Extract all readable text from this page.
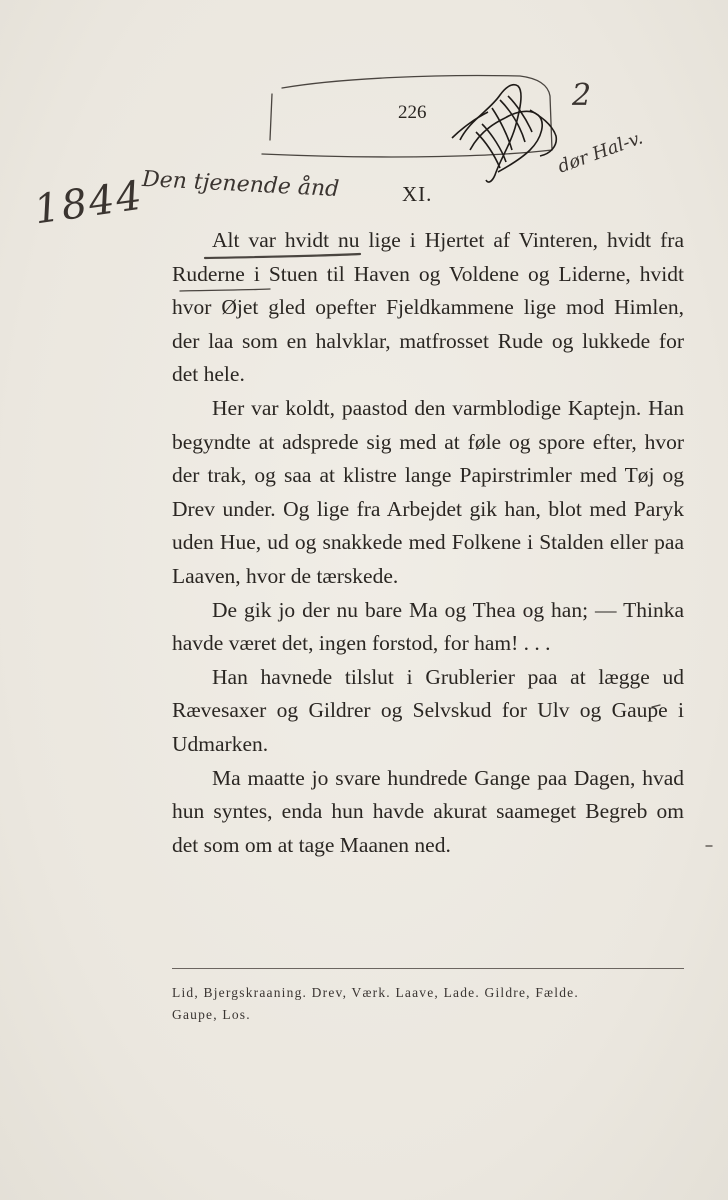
226
XI.
1844
Den tjenende ånd
2
dør Hal-v.

Alt var hvidt nu lige i Hjertet af Vinteren, hvidt fra Ruderne i Stuen til Haven og Voldene og Liderne, hvidt hvor Øjet gled opefter Fjeldkammene lige mod Himlen, der laa som en halvklar, matfrosset Rude og lukkede for det hele.

Her var koldt, paastod den varmblodige Kaptejn. Han begyndte at adsprede sig med at føle og spore efter, hvor der trak, og saa at klistre lange Papirstrimler med Tøj og Drev under. Og lige fra Arbejdet gik han, blot med Paryk uden Hue, ud og snakkede med Folkene i Stalden eller paa Laaven, hvor de tærskede.

De gik jo der nu bare Ma og Thea og han; — Thinka havde været det, ingen forstod, for ham! . . .

Han havnede tilslut i Grublerier paa at lægge ud Rævesaxer og Gildrer og Selvskud for Ulv og Gaupe i Udmarken.

Ma maatte jo svare hundrede Gange paa Dagen, hvad hun syntes, enda hun havde akurat saameget Begreb om det som om at tage Maanen ned.

Lid, Bjergskraaning. Drev, Værk. Laave, Lade. Gildre, Fælde.
Gaupe, Los.
